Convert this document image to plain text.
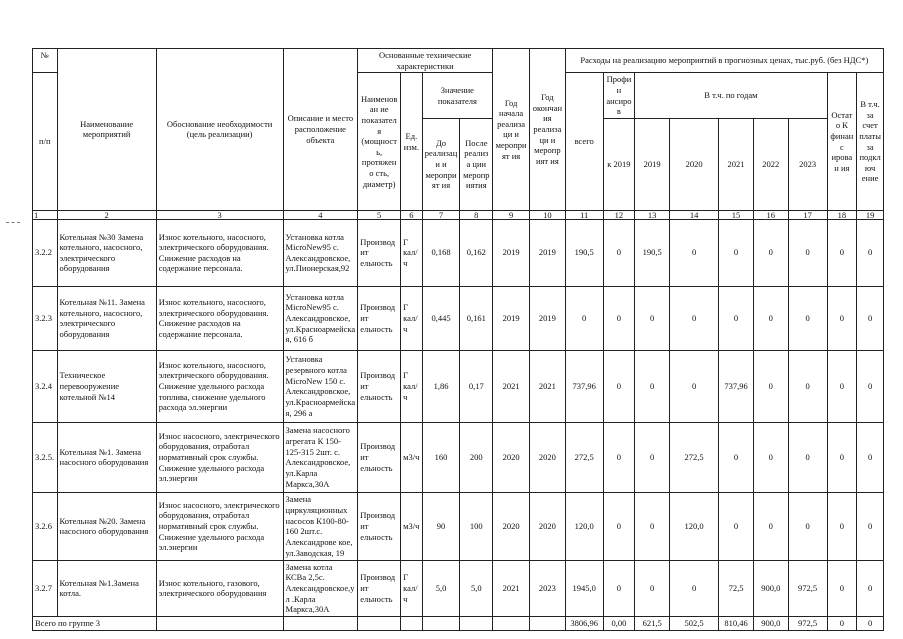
№	Наименование мероприятий	Обоснование необходимости (цель реализации)	Описание и место расположение объекта	Основанные технические характеристики				Год начала реализаци и мероприят ия	Год окончания реализаци и мероприят ия	Расходы на реализацию мероприятий в прогнозных ценах, тыс.руб. (без НДС*)								
п/п				Наименован ие показателя (мощность, протяжено сть, диаметр)	Ед. изм.	Значение показателя				всего	Профин ансиров	В т.ч. по годам					Остато К финанс ирован ия	В т.ч. за счет платы за подкл юч ение
						До реализаци и мероприят ия	После реализа ции меропр иятия				к 2019	2019	2020	2021	2022	2023		
1	2	3	4	5	6	7	8	9	10	11	12	13	14	15	16	17	18	19
3.2.2	Котельная №30 Замена котельного, насосного, электрического оборудования	Износ котельного, насосного, электрического оборудования. Снижение расходов на содержание персонала.	Установка котла MicroNew95 с. Александровское, ул.Пионерская,92	Производит ельность	Г кал/ч	0,168	0,162	2019	2019	190,5	0	190,5	0	0	0	0	0	0
3.2.3	Котельная №11. Замена котельного, насосного, электрического оборудования	Износ котельного, насосного, электрического оборудования. Снижение расходов на содержание персонала.	Установка котла MicroNew95 с. Александровское, ул.Красноармейска я, 616 б	Производит ельность	Г кал/ч	0,445	0,161	2019	2019	0	0	0	0	0	0	0	0	0
3.2.4	Техническое перевооружение котельной №14	Износ котельного, насосного, электрического оборудования. Снижение удельного расхода топлива, снижение удельного расхода эл.энергии	Установка резервного котла MicroNew 150 с. Александровское, ул.Красноармейска я, 296 а	Производит ельность	Г кал/ч	1,86	0,17	2021	2021	737,96	0	0	0	737,96	0	0	0	0
3.2.5.	Котельная №1. Замена насосного оборудования	Износ насосного, электрического оборудования, отработал нормативный срок службы. Снижение удельного расхода эл.энергии	Замена насосного агрегата К 150-125-315 2шт. с. Александровское, ул.Карла Маркса,30А	Производит ельность	м3/ч	160	200	2020	2020	272,5	0	0	272,5	0	0	0	0	0
3.2.6	Котельная №20. Замена насосного оборудования	Износ насосного, электрического оборудования, отработал нормативный срок службы. Снижение удельного расхода эл.энергии	Замена циркуляционных насосов К100-80-160 2шт.с. Александрове кое, ул.Заводская, 19	Производит ельность	м3/ч	90	100	2020	2020	120,0	0	0	120,0	0	0	0	0	0
3.2.7	Котельная №1.Замена котла.	Износ котельного, газового, электрического оборудования	Замена котла КСВа 2,5с. Александровское,ул .Карла Маркса,30А	Производит ельность	Г кал/ч	5,0	5,0	2021	2023	1945,0	0	0	0	72,5	900,0	972,5	0	0
Всего по группе 3										3806,96	0,00	621,5	502,5	810,46	900,0	972,5	0	0
